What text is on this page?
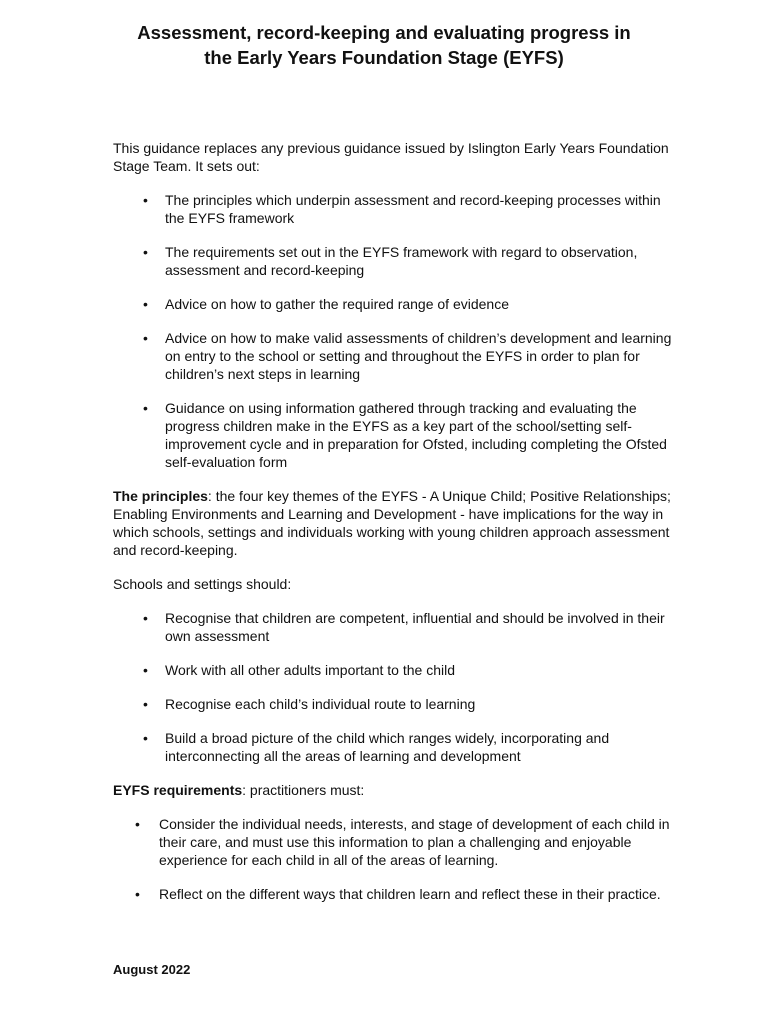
Assessment, record-keeping and evaluating progress in
the Early Years Foundation Stage (EYFS)

This guidance replaces any previous guidance issued by Islington Early Years Foundation Stage Team. It sets out:

• The principles which underpin assessment and record-keeping processes within the EYFS framework
• The requirements set out in the EYFS framework with regard to observation, assessment and record-keeping
• Advice on how to gather the required range of evidence
• Advice on how to make valid assessments of children’s development and learning on entry to the school or setting and throughout the EYFS in order to plan for children’s next steps in learning
• Guidance on using information gathered through tracking and evaluating the progress children make in the EYFS as a key part of the school/setting self-improvement cycle and in preparation for Ofsted, including completing the Ofsted self-evaluation form

The principles: the four key themes of the EYFS - A Unique Child; Positive Relationships; Enabling Environments and Learning and Development - have implications for the way in which schools, settings and individuals working with young children approach assessment and record-keeping.

Schools and settings should:

• Recognise that children are competent, influential and should be involved in their own assessment
• Work with all other adults important to the child
• Recognise each child’s individual route to learning
• Build a broad picture of the child which ranges widely, incorporating and interconnecting all the areas of learning and development

EYFS requirements: practitioners must:

• Consider the individual needs, interests, and stage of development of each child in their care, and must use this information to plan a challenging and enjoyable experience for each child in all of the areas of learning.
• Reflect on the different ways that children learn and reflect these in their practice.
August 2022
